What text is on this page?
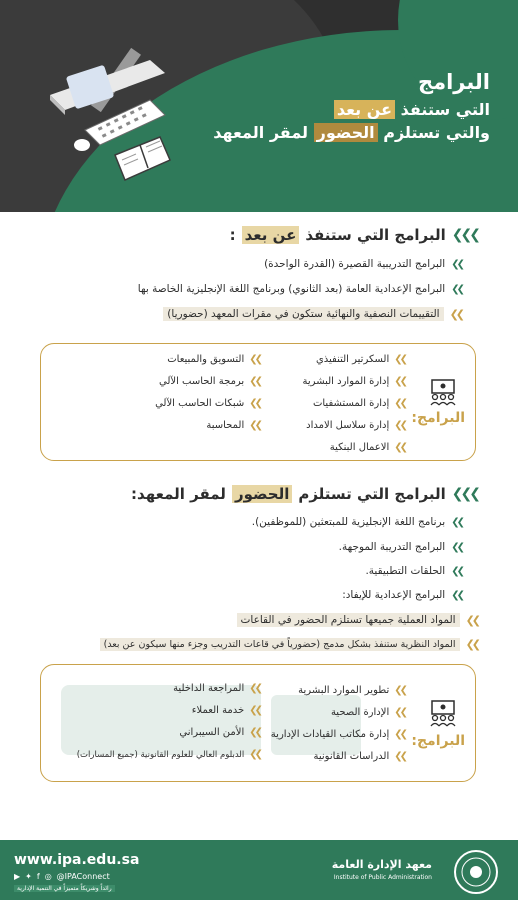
البرامج
التي ستنفذ عن بعد
والتي تستلزم الحضور لمقر المعهد
❯❯❯
البرامج التي ستنفذ
عن بعد
:
❯❯
البرامج التدريبية القصيرة (القدرة الواحدة)
❯❯
البرامج الإعدادية العامة (بعد الثانوي) وبرنامج اللغة الإنجليزية الخاصة بها
❯❯
التقييمات النصفية والنهائية ستكون في مقرات المعهد (حضوريا)
البرامج:
❯❯
السكرتير التنفيذي
❯❯
إدارة الموارد البشرية
❯❯
إدارة المستشفيات
❯❯
إدارة سلاسل الامداد
❯❯
الاعمال البنكية
❯❯
التسويق والمبيعات
❯❯
برمجة الحاسب الآلي
❯❯
شبكات الحاسب الآلي
❯❯
المحاسبة
❯❯❯
البرامج التي تستلزم
الحضور
لمقر المعهد:
❯❯
برنامج اللغة الإنجليزية للمبتعثين (للموظفين).
❯❯
البرامج التدريبة الموجهة.
❯❯
الحلقات التطبيقية.
❯❯
البرامج الإعدادية للإيفاد:
❯❯
المواد العملية جميعها تستلزم الحضور في القاعات
❯❯
المواد النظرية ستنفذ بشكل مدمج (حضورياً في قاعات التدريب وجزء منها سيكون عن بعد)
البرامج:
❯❯
تطوير الموارد البشرية
❯❯
الإدارة الصحية
❯❯
إدارة مكاتب القيادات الإدارية
❯❯
الدراسات القانونية
❯❯
المراجعة الداخلية
❯❯
خدمة العملاء
❯❯
الأمن السيبراني
❯❯
الدبلوم العالي للعلوم القانونية (جميع المسارات)
www.ipa.edu.sa
▶ ✦ f ◎ @IPAConnect
رائداً وشريكاً متميزاً في التنمية الإدارية
معهد الإدارة العامة
Institute of Public Administration
